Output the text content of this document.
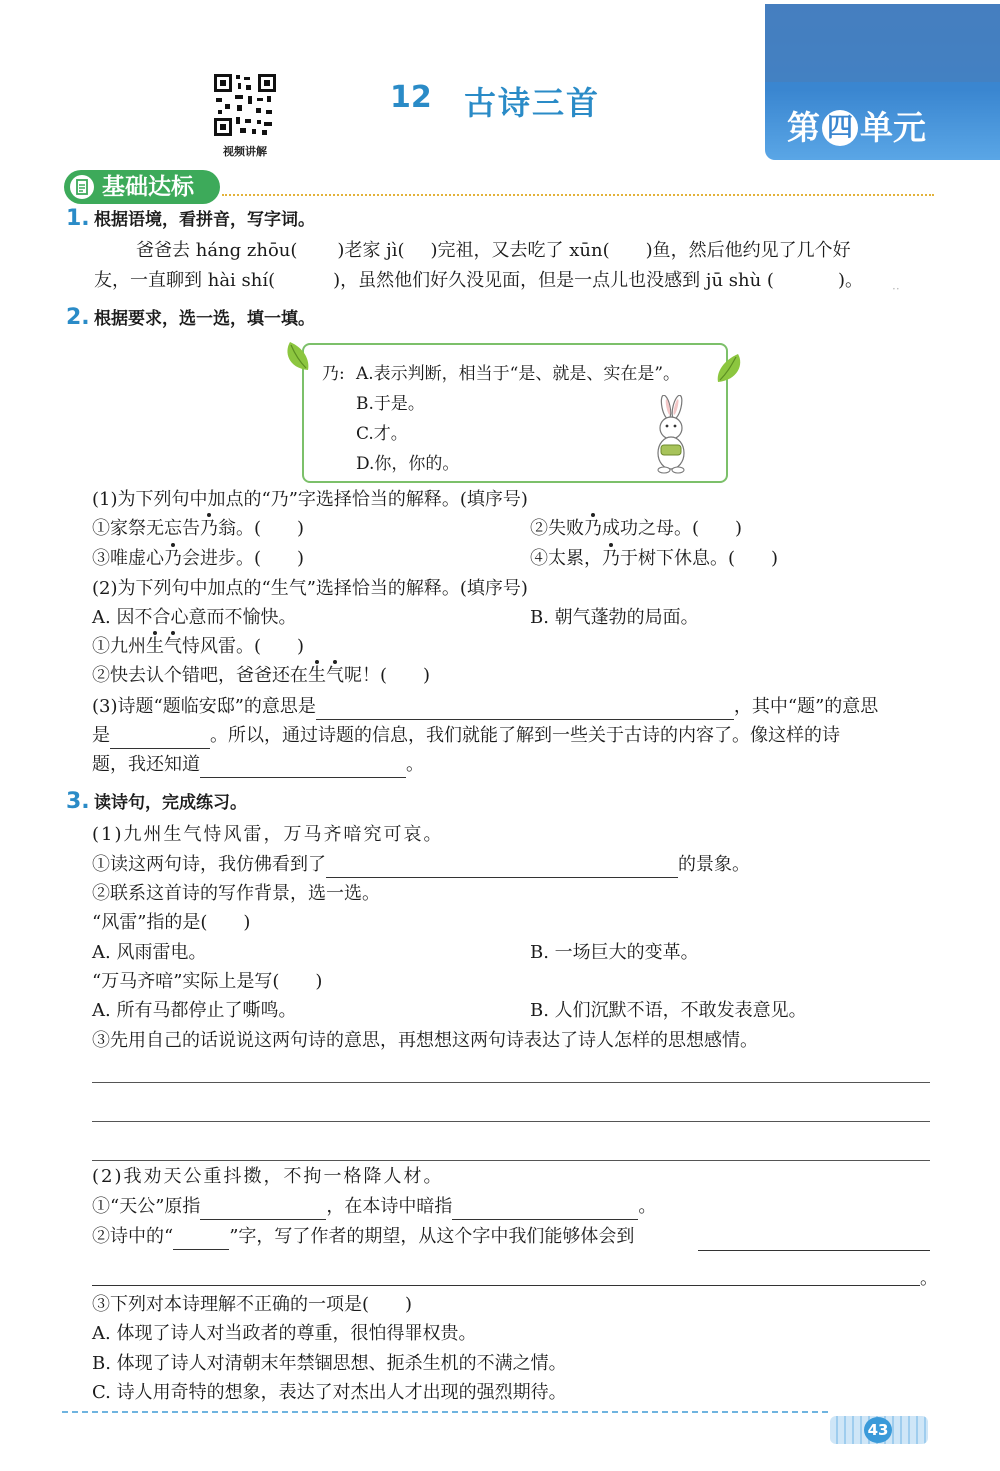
视频讲解
12 古诗三首
第 四 单元
基础达标
1. 根据语境，看拼音，写字词。
爸爸去 háng zhōu( )老家 jì( )完祖，又去吃了 xūn( )鱼，然后他约见了几个好
友，一直聊到 hài shí(	)，虽然他们好久没见面，但是一点儿也没感到 jū shù (	)。 ··
2. 根据要求，选一选，填一填。
乃: A.表示判断，相当于“是、就是、实在是”。
B.于是。
C.才。
D.你，你的。
(1)为下列句中加点的“乃”字选择恰当的解释。(填序号)
①家祭无忘告乃翁。(　　)	②失败乃成功之母。(　　)
③唯虚心乃会进步。(　　)	④太累，乃于树下休息。(　　)
(2)为下列句中加点的“生气”选择恰当的解释。(填序号)
A. 因不合心意而不愉快。	B. 朝气蓬勃的局面。
①九州生气恃风雷。(　　)
②快去认个错吧，爸爸还在生气呢！(　　)
(3)诗题“题临安邸”的意思是	，其中“题”的意思
是	。所以，通过诗题的信息，我们就能了解到一些关于古诗的内容了。像这样的诗
题，我还知道	。
3. 读诗句，完成练习。
(1)九州生气恃风雷，万马齐喑究可哀。
①读这两句诗，我仿佛看到了	的景象。
②联系这首诗的写作背景，选一选。
“风雷”指的是(　　)
A. 风雨雷电。	B. 一场巨大的变革。
“万马齐喑”实际上是写(　　)
A. 所有马都停止了嘶鸣。	B. 人们沉默不语，不敢发表意见。
③先用自己的话说说这两句诗的意思，再想想这两句诗表达了诗人怎样的思想感情。
(2)我劝天公重抖擞，不拘一格降人材。
①“天公”原指	，在本诗中暗指	。
②诗中的“	”字，写了作者的期望，从这个字中我们能够体会到
。
③下列对本诗理解不正确的一项是(　　)
A. 体现了诗人对当政者的尊重，很怕得罪权贵。
B. 体现了诗人对清朝末年禁锢思想、扼杀生机的不满之情。
C. 诗人用奇特的想象，表达了对杰出人才出现的强烈期待。
43
